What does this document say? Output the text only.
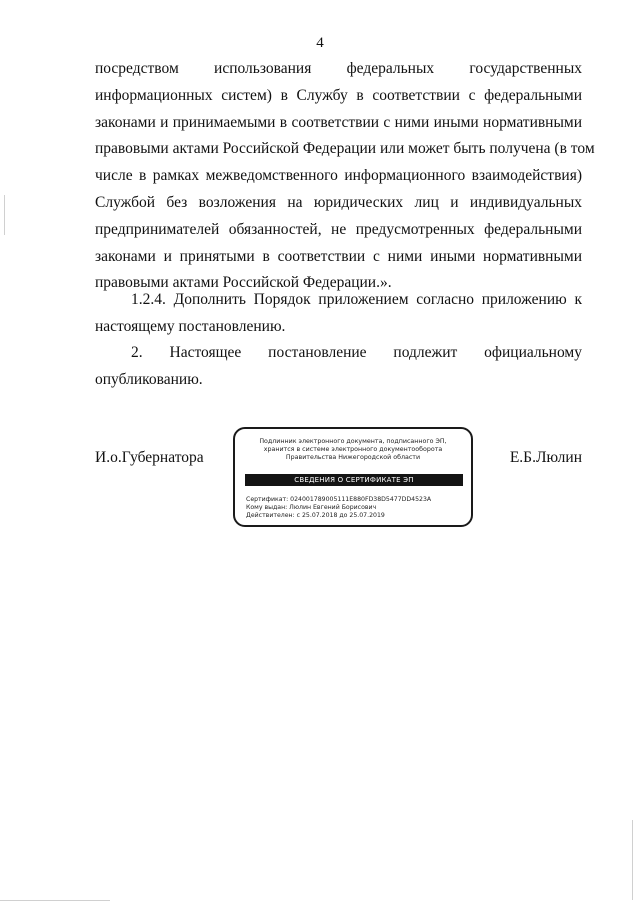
4
посредством использования федеральных государственных
информационных систем) в Службу в соответствии с федеральными
законами и принимаемыми в соответствии с ними иными нормативными
правовыми актами Российской Федерации или может быть получена (в том
числе в рамках межведомственного информационного взаимодействия)
Службой без возложения на юридических лиц и индивидуальных
предпринимателей обязанностей, не предусмотренных федеральными
законами и принятыми в соответствии с ними иными нормативными
правовыми актами Российской Федерации.».
1.2.4. Дополнить Порядок приложением согласно приложению к
настоящему постановлению.
2. Настоящее постановление подлежит официальному
опубликованию.
И.о.Губернатора
Подлинник электронного документа, подписанного ЭП,
хранится в системе электронного документооборота
Правительства Нижегородской области
СВЕДЕНИЯ О СЕРТИФИКАТЕ ЭП
Сертификат: 024001789005111E880FD38D5477DD4523A
Кому выдан: Люлин Евгений Борисович
Действителен: с 25.07.2018 до 25.07.2019
Е.Б.Люлин
